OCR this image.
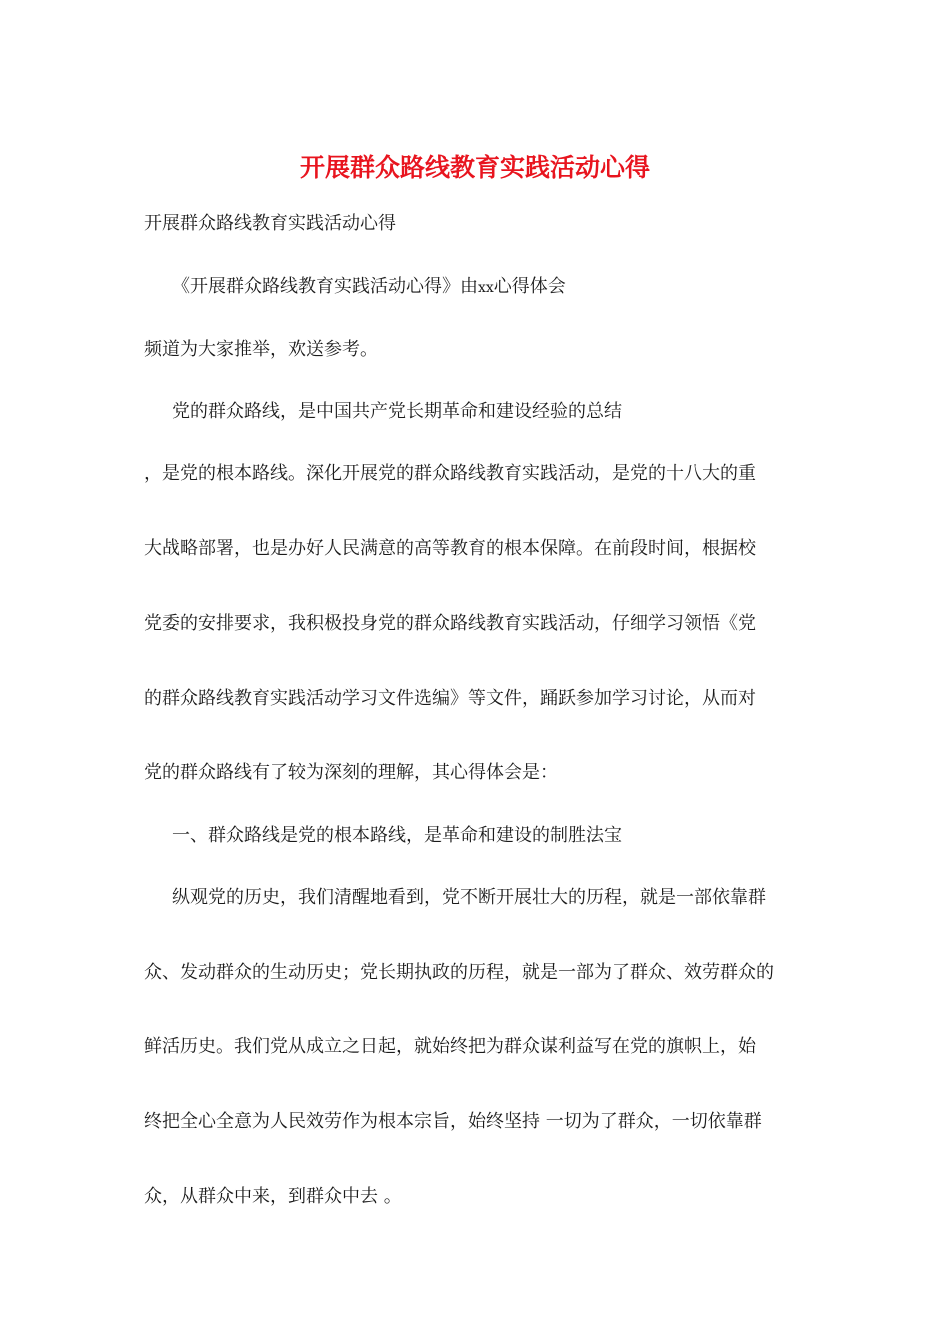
开展群众路线教育实践活动心得
开展群众路线教育实践活动心得
《开展群众路线教育实践活动心得》由xx心得体会
频道为大家推举，欢送参考。
党的群众路线，是中国共产党长期革命和建设经验的总结
，是党的根本路线。深化开展党的群众路线教育实践活动，是党的十八大的重
大战略部署，也是办好人民满意的高等教育的根本保障。在前段时间，根据校
党委的安排要求，我积极投身党的群众路线教育实践活动，仔细学习领悟《党
的群众路线教育实践活动学习文件选编》等文件，踊跃参加学习讨论，从而对
党的群众路线有了较为深刻的理解，其心得体会是：
一、群众路线是党的根本路线，是革命和建设的制胜法宝
纵观党的历史，我们清醒地看到，党不断开展壮大的历程，就是一部依靠群
众、发动群众的生动历史；党长期执政的历程，就是一部为了群众、效劳群众的
鲜活历史。我们党从成立之日起，就始终把为群众谋利益写在党的旗帜上，始
终把全心全意为人民效劳作为根本宗旨，始终坚持 一切为了群众，一切依靠群
众，从群众中来，到群众中去 。
